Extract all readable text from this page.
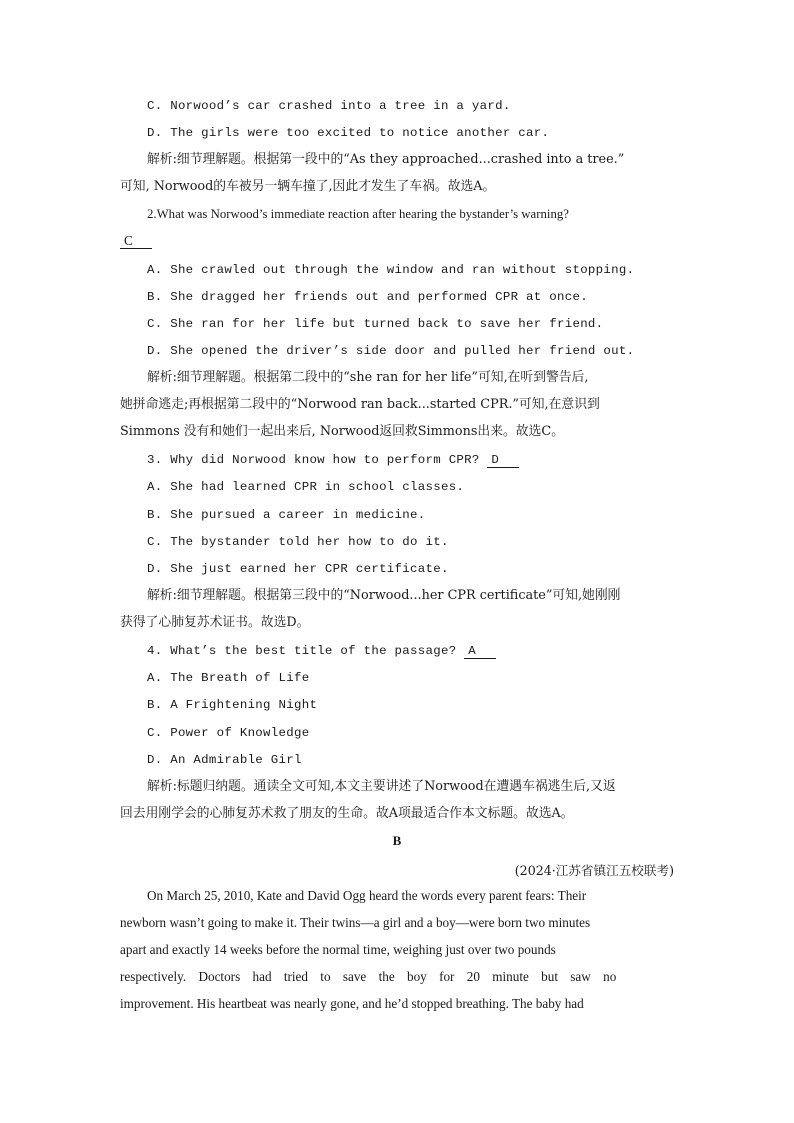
C. Norwood’s car crashed into a tree in a yard.
D. The girls were too excited to notice another car.
解析:细节理解题。根据第一段中的“As they approached...crashed into a tree.”
可知, Norwood的车被另一辆车撞了,因此才发生了车祸。故选A。
2.What was Norwood’s immediate reaction after hearing the bystander’s warning?
C
A. She crawled out through the window and ran without stopping.
B. She dragged her friends out and performed CPR at once.
C. She ran for her life but turned back to save her friend.
D. She opened the driver’s side door and pulled her friend out.
解析:细节理解题。根据第二段中的“she ran for her life”可知,在听到警告后,
她拼命逃走;再根据第二段中的“Norwood ran back...started CPR.”可知,在意识到
Simmons 没有和她们一起出来后, Norwood返回救Simmons出来。故选C。
3. Why did Norwood know how to perform CPR? D
A. She had learned CPR in school classes.
B. She pursued a career in medicine.
C. The bystander told her how to do it.
D. She just earned her CPR certificate.
解析:细节理解题。根据第三段中的“Norwood...her CPR certificate”可知,她刚刚
获得了心肺复苏术证书。故选D。
4. What’s the best title of the passage? A
A. The Breath of Life
B. A Frightening Night
C. Power of Knowledge
D. An Admirable Girl
解析:标题归纳题。通读全文可知,本文主要讲述了Norwood在遭遇车祸逃生后,又返
回去用刚学会的心肺复苏术救了朋友的生命。故A项最适合作本文标题。故选A。
B
(2024·江苏省镇江五校联考)
On March 25, 2010, Kate and David Ogg heard the words every parent fears: Their
newborn wasn’t going to make it. Their twins—a girl and a boy—were born two minutes
apart and exactly 14 weeks before the normal time, weighing just over two pounds
respectively. Doctors had tried to save the boy for 20 minute but saw no
improvement. His heartbeat was nearly gone, and he’d stopped breathing. The baby had
